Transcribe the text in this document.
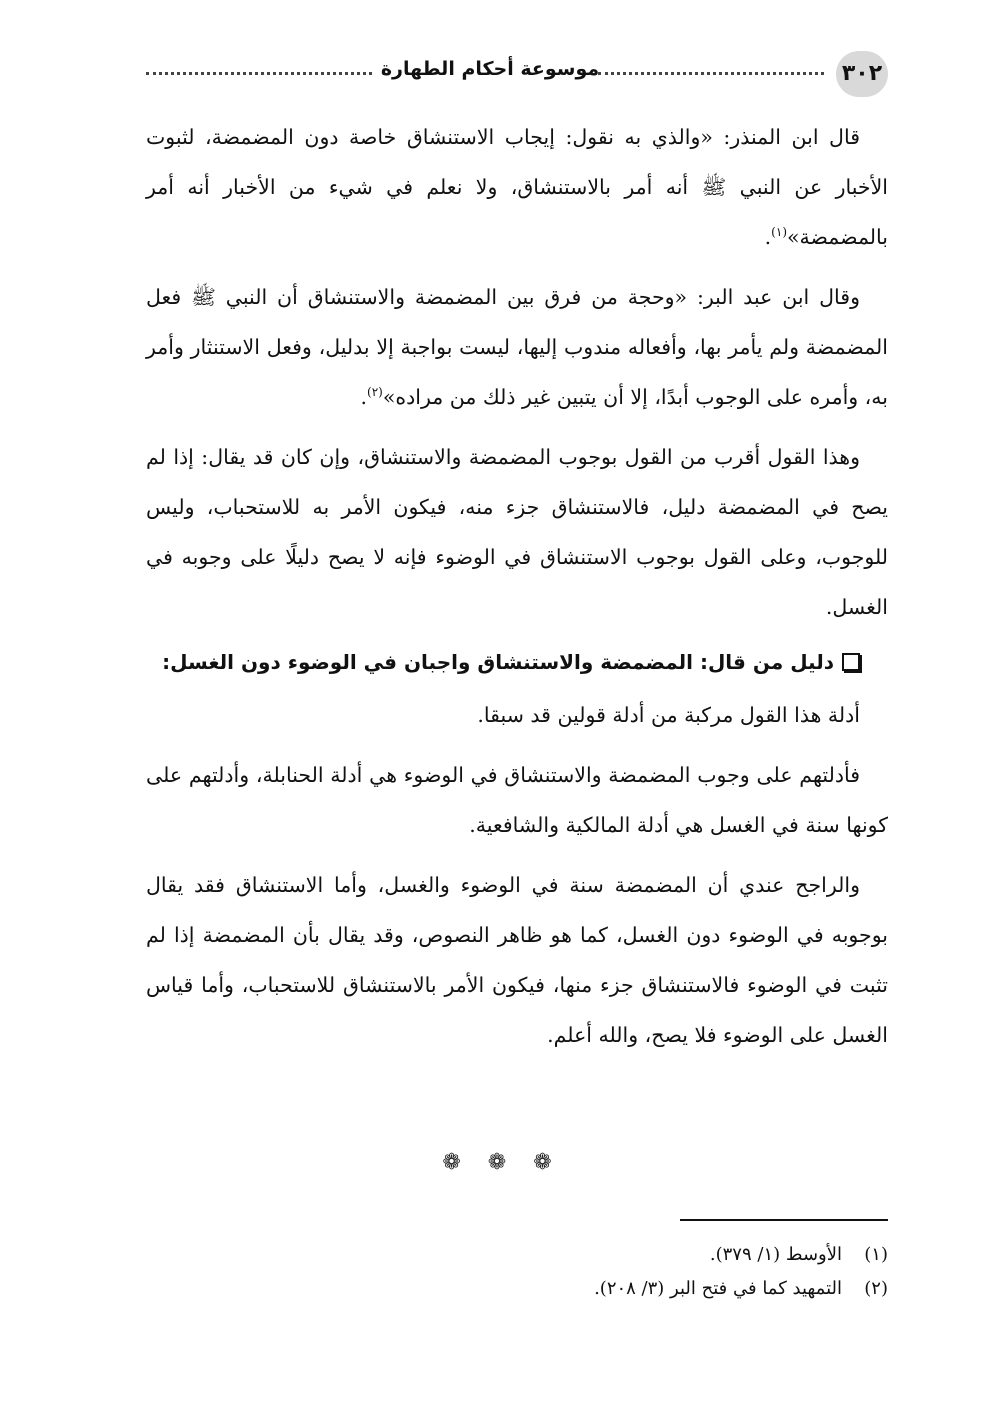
٣٠٢
موسوعة أحكام الطهارة

قال ابن المنذر: «والذي به نقول: إيجاب الاستنشاق خاصة دون المضمضة، لثبوت الأخبار عن النبي ﷺ أنه أمر بالاستنشاق، ولا نعلم في شيء من الأخبار أنه أمر بالمضمضة»$^{(١)}$.

وقال ابن عبد البر: «وحجة من فرق بين المضمضة والاستنشاق أن النبي ﷺ فعل المضمضة ولم يأمر بها، وأفعاله مندوب إليها، ليست بواجبة إلا بدليل، وفعل الاستنثار وأمر به، وأمره على الوجوب أبدًا، إلا أن يتبين غير ذلك من مراده»$^{(٢)}$.

وهذا القول أقرب من القول بوجوب المضمضة والاستنشاق، وإن كان قد يقال: إذا لم يصح في المضمضة دليل، فالاستنشاق جزء منه، فيكون الأمر به للاستحباب، وليس للوجوب، وعلى القول بوجوب الاستنشاق في الوضوء فإنه لا يصح دليلًا على وجوبه في الغسل.

دليل من قال: المضمضة والاستنشاق واجبان في الوضوء دون الغسل:

أدلة هذا القول مركبة من أدلة قولين قد سبقا.

فأدلتهم على وجوب المضمضة والاستنشاق في الوضوء هي أدلة الحنابلة، وأدلتهم على كونها سنة في الغسل هي أدلة المالكية والشافعية.

والراجح عندي أن المضمضة سنة في الوضوء والغسل، وأما الاستنشاق فقد يقال بوجوبه في الوضوء دون الغسل، كما هو ظاهر النصوص، وقد يقال بأن المضمضة إذا لم تثبت في الوضوء فالاستنشاق جزء منها، فيكون الأمر بالاستنشاق للاستحباب، وأما قياس الغسل على الوضوء فلا يصح، والله أعلم.

❁ ❁ ❁
(١)
الأوسط (١/ ٣٧٩).
(٢)
التمهيد كما في فتح البر (٣/ ٢٠٨).
